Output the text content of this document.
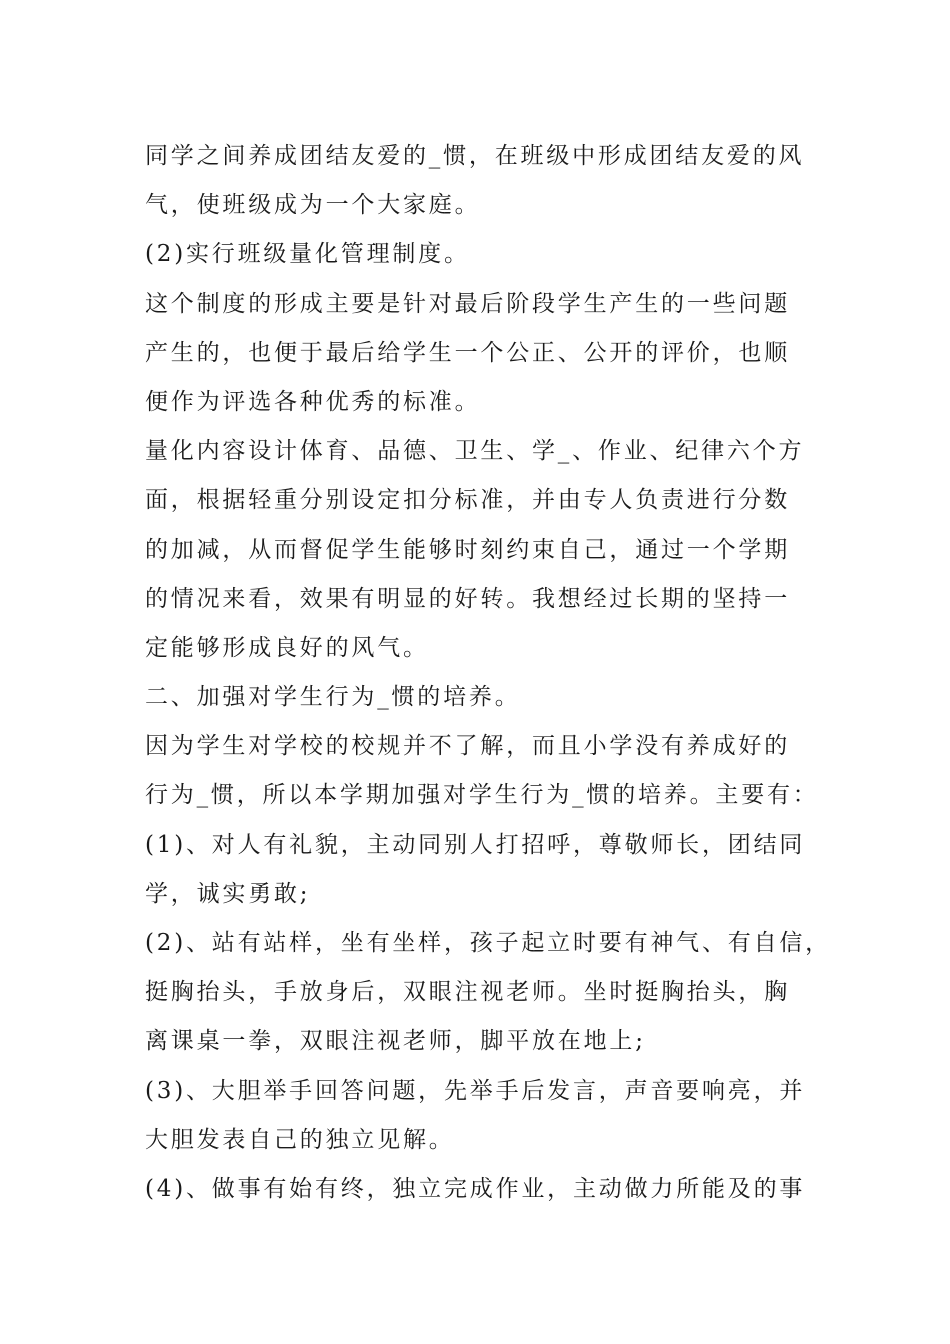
同学之间养成团结友爱的_惯，在班级中形成团结友爱的风
气，使班级成为一个大家庭。
(2)实行班级量化管理制度。
这个制度的形成主要是针对最后阶段学生产生的一些问题
产生的，也便于最后给学生一个公正、公开的评价，也顺
便作为评选各种优秀的标准。
量化内容设计体育、品德、卫生、学_、作业、纪律六个方
面，根据轻重分别设定扣分标准，并由专人负责进行分数
的加减，从而督促学生能够时刻约束自己，通过一个学期
的情况来看，效果有明显的好转。我想经过长期的坚持一
定能够形成良好的风气。
二、加强对学生行为_惯的培养。
因为学生对学校的校规并不了解，而且小学没有养成好的
行为_惯，所以本学期加强对学生行为_惯的培养。主要有：
(1)、对人有礼貌，主动同别人打招呼，尊敬师长，团结同
学，诚实勇敢;
(2)、站有站样，坐有坐样，孩子起立时要有神气、有自信，
挺胸抬头，手放身后，双眼注视老师。坐时挺胸抬头，胸
离课桌一拳，双眼注视老师，脚平放在地上;
(3)、大胆举手回答问题，先举手后发言，声音要响亮，并
大胆发表自己的独立见解。
(4)、做事有始有终，独立完成作业，主动做力所能及的事
